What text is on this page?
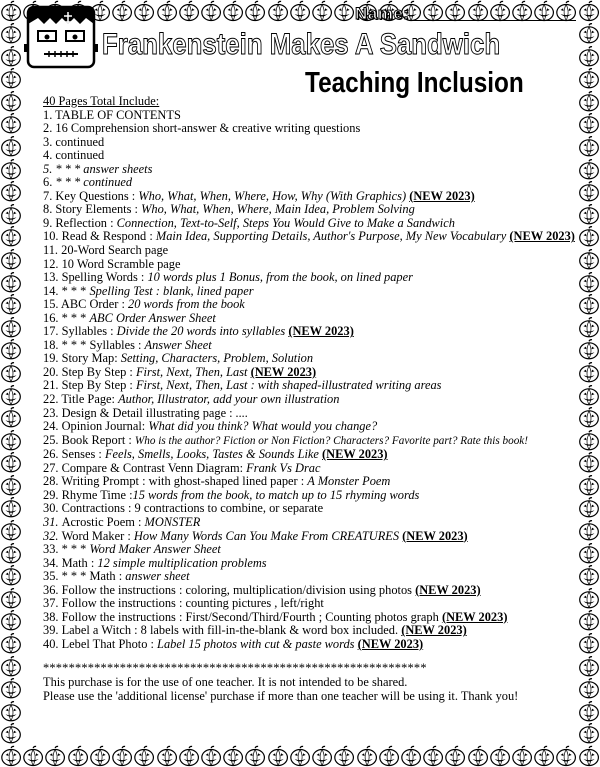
Name:
Frankenstein Makes A Sandwich
Teaching Inclusion

40 Pages Total Include:

1. TABLE OF CONTENTS
2. 16 Comprehension short-answer & creative writing questions
3. continued
4. continued
5. * * * answer sheets
6. * * * continued
7. Key Questions : Who, What, When, Where, How, Why (With Graphics) (NEW 2023)
8. Story Elements : Who, What, When, Where, Main Idea, Problem Solving
9. Reflection : Connection, Text-to-Self, Steps You Would Give to Make a Sandwich
10. Read & Respond : Main Idea, Supporting Details, Author's Purpose, My New Vocabulary (NEW 2023)
11. 20-Word Search page
12. 10 Word Scramble page
13. Spelling Words : 10 words plus 1 Bonus, from the book, on lined paper
14. * * * Spelling Test : blank, lined paper
15. ABC Order : 20 words from the book
16. * * * ABC Order Answer Sheet
17. Syllables : Divide the 20 words into syllables (NEW 2023)
18. * * * Syllables : Answer Sheet
19. Story Map: Setting, Characters, Problem, Solution
20. Step By Step : First, Next, Then, Last (NEW 2023)
21. Step By Step : First, Next, Then, Last : with shaped-illustrated writing areas
22. Title Page: Author, Illustrator, add your own illustration
23. Design & Detail illustrating page : ....
24. Opinion Journal: What did you think? What would you change?
25. Book Report : Who is the author? Fiction or Non Fiction? Characters? Favorite part? Rate this book!
26. Senses : Feels, Smells, Looks, Tastes & Sounds Like (NEW 2023)
27. Compare & Contrast Venn Diagram: Frank Vs Drac
28. Writing Prompt : with ghost-shaped lined paper : A Monster Poem
29. Rhyme Time :15 words from the book, to match up to 15 rhyming words
30. Contractions : 9 contractions to combine, or separate
31. Acrostic Poem : MONSTER
32. Word Maker : How Many Words Can You Make From CREATURES (NEW 2023)
33. * * * Word Maker Answer Sheet
34. Math : 12 simple multiplication problems
35. * * * Math : answer sheet
36. Follow the instructions : coloring, multiplication/division using photos (NEW 2023)
37. Follow the instructions : counting pictures , left/right
38. Follow the instructions : First/Second/Third/Fourth ; Counting photos graph (NEW 2023)
39. Label a Witch : 8 labels with fill-in-the-blank & word box included. (NEW 2023)
40. Lebel That Photo : Label 15 photos with cut & paste words (NEW 2023)
************************************************************

This purchase is for the use of one teacher. It is not intended to be shared.

Please use the 'additional license' purchase if more than one teacher will be using it. Thank you!
